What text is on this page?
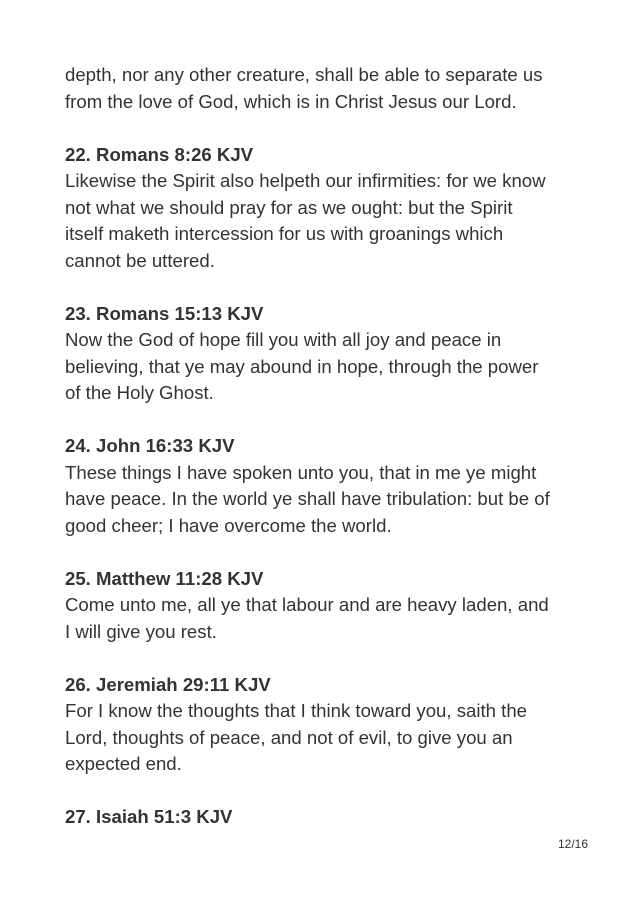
depth, nor any other creature, shall be able to separate us
from the love of God, which is in Christ Jesus our Lord.

22. Romans 8:26 KJV

Likewise the Spirit also helpeth our infirmities: for we know
not what we should pray for as we ought: but the Spirit
itself maketh intercession for us with groanings which
cannot be uttered.

23. Romans 15:13 KJV

Now the God of hope fill you with all joy and peace in
believing, that ye may abound in hope, through the power
of the Holy Ghost.

24. John 16:33 KJV

These things I have spoken unto you, that in me ye might
have peace. In the world ye shall have tribulation: but be of
good cheer; I have overcome the world.

25. Matthew 11:28 KJV

Come unto me, all ye that labour and are heavy laden, and
I will give you rest.

26. Jeremiah 29:11 KJV

For I know the thoughts that I think toward you, saith the
Lord, thoughts of peace, and not of evil, to give you an
expected end.

27. Isaiah 51:3 KJV

12/16
